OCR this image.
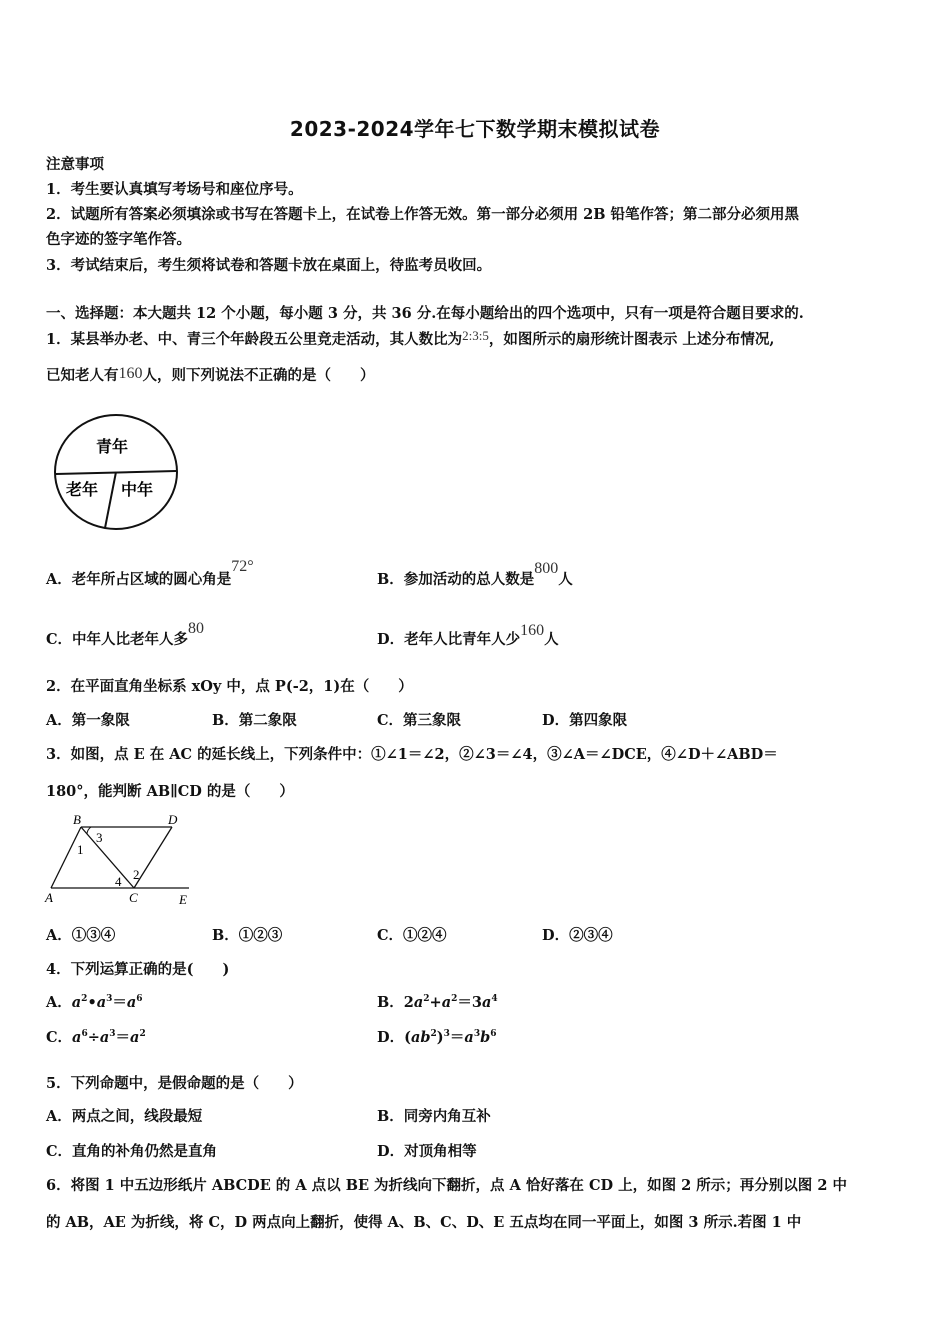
2023-2024学年七下数学期末模拟试卷
注意事项
1．考生要认真填写考场号和座位序号。
2．试题所有答案必须填涂或书写在答题卡上，在试卷上作答无效。第一部分必须用 2B 铅笔作答；第二部分必须用黑
色字迹的签字笔作答。
3．考试结束后，考生须将试卷和答题卡放在桌面上，待监考员收回。
一、选择题：本大题共 12 个小题，每小题 3 分，共 36 分.在每小题给出的四个选项中，只有一项是符合题目要求的.
1．某县举办老、中、青三个年龄段五公里竞走活动，其人数比为2:3:5，如图所示的扇形统计图表示 上述分布情况,
已知老人有160人，则下列说法不正确的是（　　）
青年
老年 中年
A．老年所占区域的圆心角是72°
B．参加活动的总人数是800人
C．中年人比老年人多80
D．老年人比青年人少160人
2．在平面直角坐标系 xOy 中，点 P(-2，1)在（　　）
A．第一象限	B．第二象限	C．第三象限	D．第四象限
3．如图，点 E 在 AC 的延长线上，下列条件中：①∠1＝∠2，②∠3＝∠4，③∠A＝∠DCE，④∠D＋∠ABD＝
180°，能判断 AB∥CD 的是（　　）
B	D
A	C	E
1
3
2
4
A．①③④	B．①②③	C．①②④	D．②③④
4．下列运算正确的是(　　)
A．$a^2•a^3=a^6$	B．$2a^2+a^2=3a^4$
C．$a^6\div a^3=a^2$	D．$(ab^2)^3=a^3b^6$
5．下列命题中，是假命题的是（　　）
A．两点之间，线段最短	B．同旁内角互补
C．直角的补角仍然是直角	D．对顶角相等
6．将图 1 中五边形纸片 ABCDE 的 A 点以 BE 为折线向下翻折，点 A 恰好落在 CD 上，如图 2 所示；再分别以图 2 中
的 AB，AE 为折线，将 C，D 两点向上翻折，使得 A、B、C、D、E 五点均在同一平面上，如图 3 所示.若图 1 中
